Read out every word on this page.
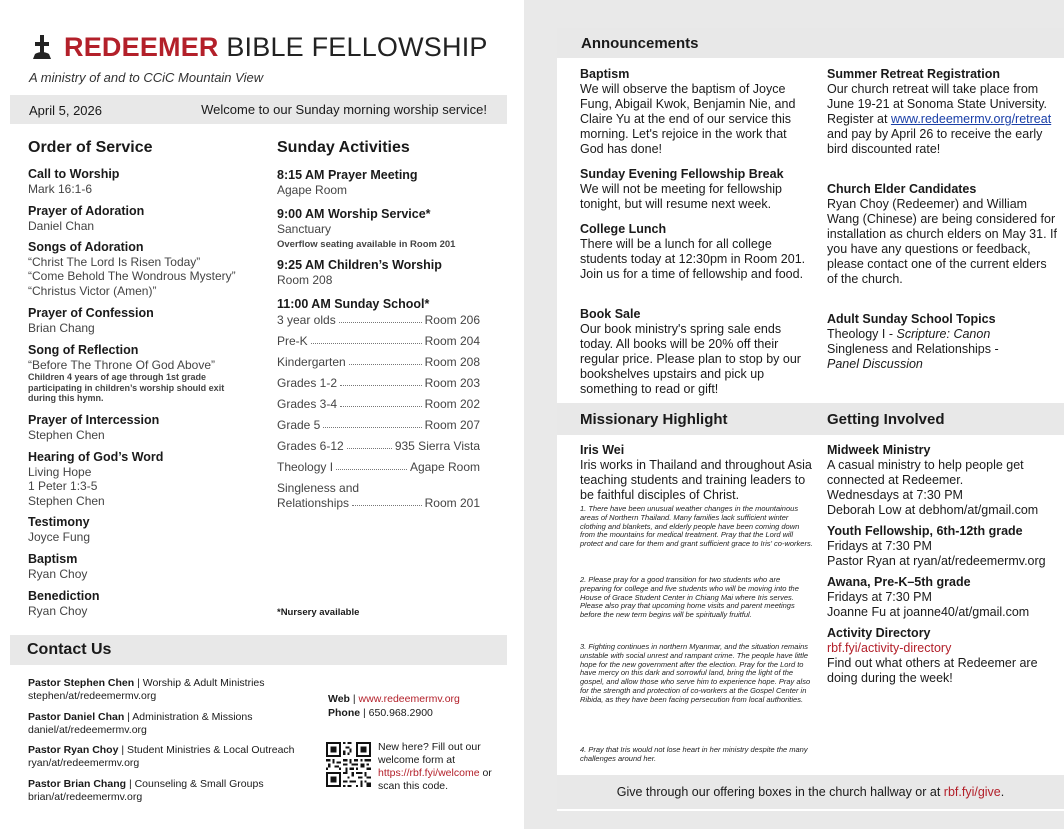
REDEEMER BIBLE FELLOWSHIP
A ministry of and to CCiC Mountain View
April 5, 2026	Welcome to our Sunday morning worship service!
Order of Service
Call to Worship
Mark 16:1-6
Prayer of Adoration
Daniel Chan
Songs of Adoration
“Christ The Lord Is Risen Today”
“Come Behold The Wondrous Mystery”
“Christus Victor (Amen)”
Prayer of Confession
Brian Chang
Song of Reflection
“Before The Throne Of God Above”
Children 4 years of age through 1st grade participating in children’s worship should exit during this hymn.
Prayer of Intercession
Stephen Chen
Hearing of God’s Word
Living Hope
1 Peter 1:3-5
Stephen Chen
Testimony
Joyce Fung
Baptism
Ryan Choy
Benediction
Ryan Choy
Sunday Activities
8:15 AM Prayer Meeting
Agape Room
9:00 AM Worship Service*
Sanctuary
Overflow seating available in Room 201
9:25 AM Children’s Worship
Room 208
11:00 AM Sunday School*
3 year olds	Room 206
Pre-K	Room 204
Kindergarten	Room 208
Grades 1-2	Room 203
Grades 3-4	Room 202
Grade 5	Room 207
Grades 6-12	935 Sierra Vista
Theology I	Agape Room
Singleness and
Relationships	Room 201
*Nursery available
Contact Us
Pastor Stephen Chen | Worship & Adult Ministries
stephen/at/redeemermv.org
Pastor Daniel Chan | Administration & Missions
daniel/at/redeemermv.org
Pastor Ryan Choy | Student Ministries & Local Outreach
ryan/at/redeemermv.org
Pastor Brian Chang | Counseling & Small Groups
brian/at/redeemermv.org
Web | www.redeemermv.org
Phone | 650.968.2900
New here? Fill out our welcome form at https://rbf.fyi/welcome or scan this code.
Announcements
Baptism
We will observe the baptism of Joyce Fung, Abigail Kwok, Benjamin Nie, and Claire Yu at the end of our service this morning. Let's rejoice in the work that God has done!
Sunday Evening Fellowship Break
We will not be meeting for fellowship tonight, but will resume next week.
College Lunch
There will be a lunch for all college students today at 12:30pm in Room 201. Join us for a time of fellowship and food.
Book Sale
Our book ministry's spring sale ends today. All books will be 20% off their regular price. Please plan to stop by our bookshelves upstairs and pick up something to read or gift!
Summer Retreat Registration
Our church retreat will take place from June 19-21 at Sonoma State University. Register at www.redeemermv.org/retreat and pay by April 26 to receive the early bird discounted rate!
Church Elder Candidates
Ryan Choy (Redeemer) and William Wang (Chinese) are being considered for installation as church elders on May 31. If you have any questions or feedback, please contact one of the current elders of the church.
Adult Sunday School Topics
Theology I - Scripture: Canon
Singleness and Relationships -
Panel Discussion
Missionary Highlight	Getting Involved
Iris Wei
Iris works in Thailand and throughout Asia teaching students and training leaders to be faithful disciples of Christ.
1. There have been unusual weather changes in the mountainous areas of Northern Thailand. Many families lack sufficient winter clothing and blankets, and elderly people have been coming down from the mountains for medical treatment. Pray that the Lord will protect and care for them and grant sufficient grace to Iris' co-workers.
2. Please pray for a good transition for two students who are preparing for college and five students who will be moving into the House of Grace Student Center in Chiang Mai where Iris serves. Please also pray that upcoming home visits and parent meetings before the new term begins will be spiritually fruitful.
3. Fighting continues in northern Myanmar, and the situation remains unstable with social unrest and rampant crime. The people have little hope for the new government after the election. Pray for the Lord to have mercy on this dark and sorrowful land, bring the light of the gospel, and allow those who serve him to experience hope. Pray also for the strength and protection of co-workers at the Gospel Center in Ribida, as they have been facing persecution from local authorities.
4. Pray that Iris would not lose heart in her ministry despite the many challenges around her.
Midweek Ministry
A casual ministry to help people get connected at Redeemer.
Wednesdays at 7:30 PM
Deborah Low at debhom/at/gmail.com
Youth Fellowship, 6th-12th grade
Fridays at 7:30 PM
Pastor Ryan at ryan/at/redeemermv.org
Awana, Pre-K–5th grade
Fridays at 7:30 PM
Joanne Fu at joanne40/at/gmail.com
Activity Directory
rbf.fyi/activity-directory
Find out what others at Redeemer are doing during the week!
Give through our offering boxes in the church hallway or at rbf.fyi/give.
